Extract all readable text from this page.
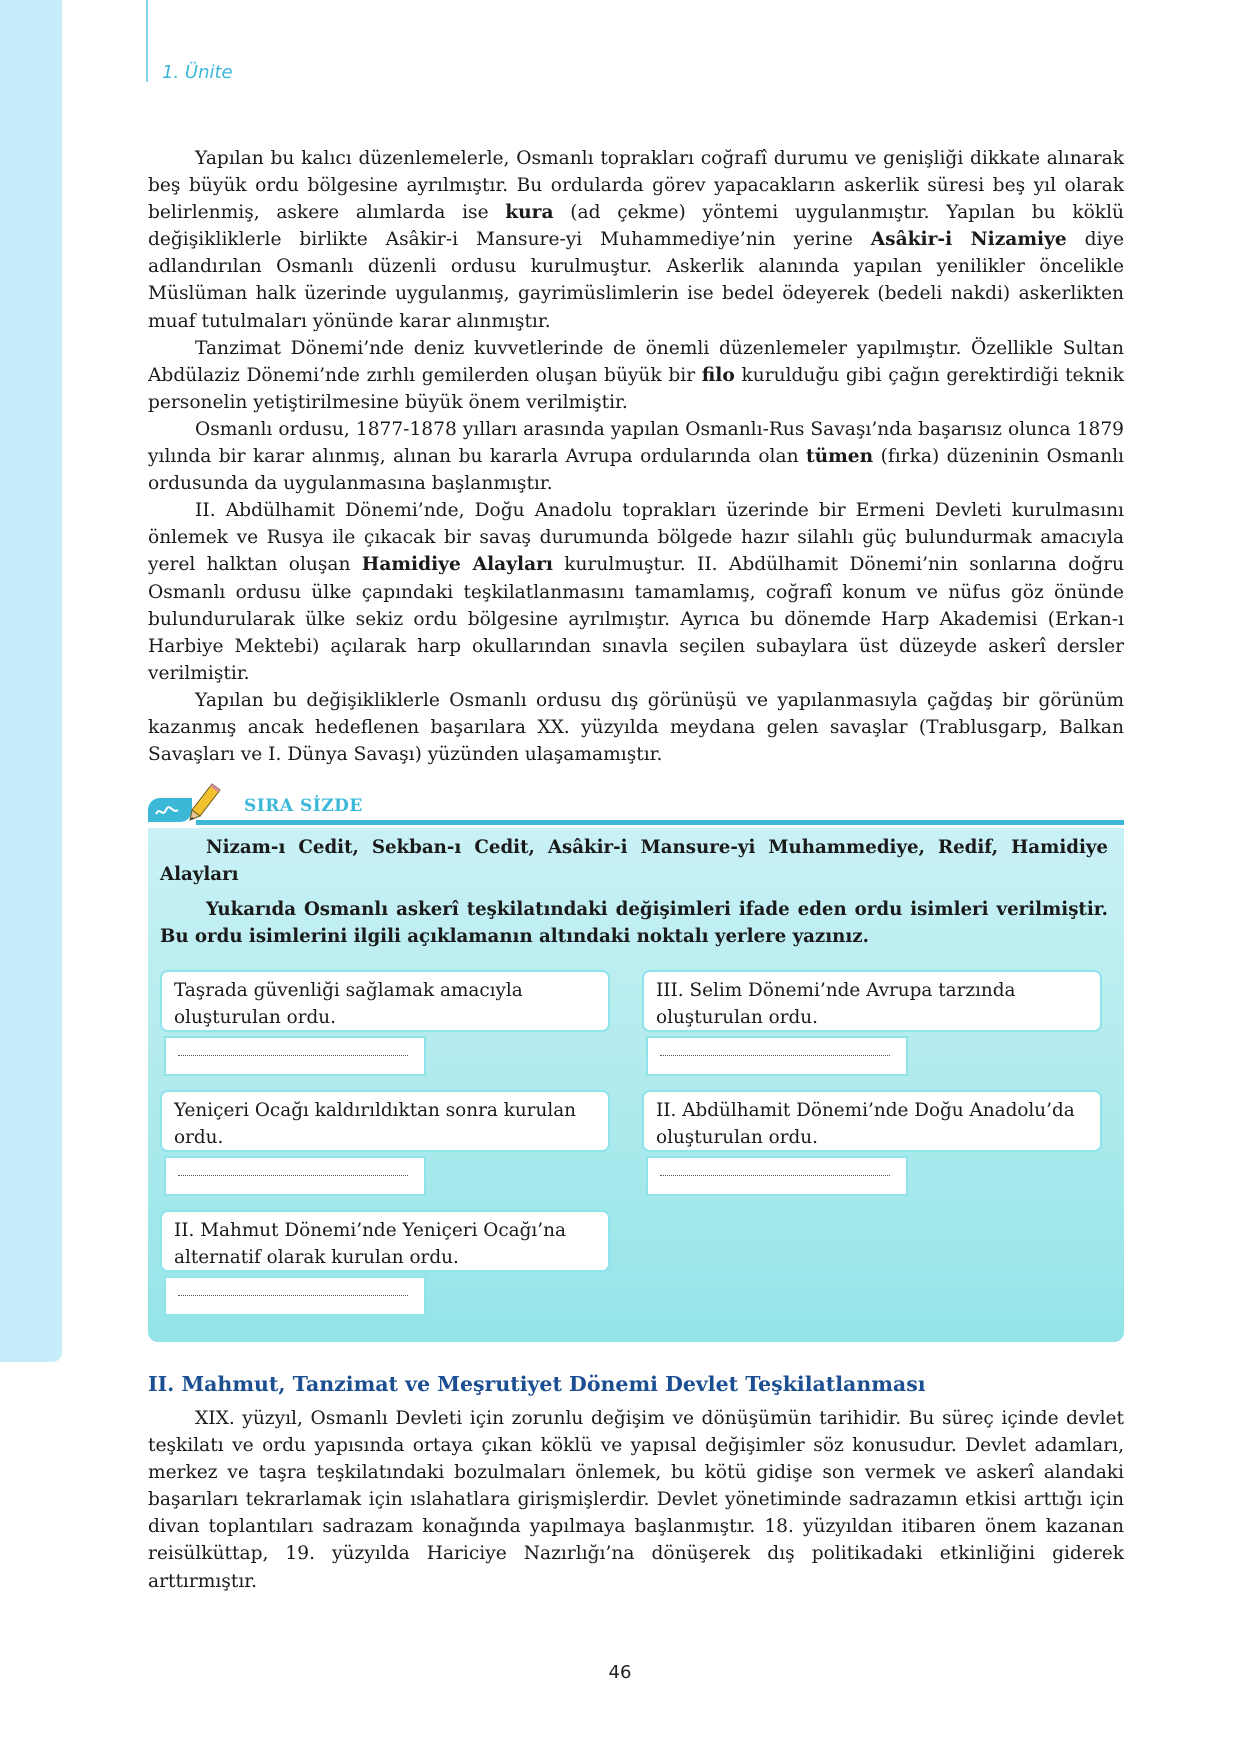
1. Ünite

Yapılan bu kalıcı düzenlemelerle, Osmanlı toprakları coğrafî durumu ve genişliği dikkate alınarak beş büyük ordu bölgesine ayrılmıştır. Bu ordularda görev yapacakların askerlik süresi beş yıl olarak belirlenmiş, askere alımlarda ise kura (ad çekme) yöntemi uygulanmıştır. Yapılan bu köklü değişikliklerle birlikte Asâkir-i Mansure-yi Muhammediye’nin yerine Asâkir-i Nizamiye diye adlandırılan Osmanlı düzenli ordusu kurulmuştur. Askerlik alanında yapılan yenilikler öncelikle Müslüman halk üzerinde uygulanmış, gayrimüslimlerin ise bedel ödeyerek (bedeli nakdi) askerlikten muaf tutulmaları yönünde karar alınmıştır.

Tanzimat Dönemi’nde deniz kuvvetlerinde de önemli düzenlemeler yapılmıştır. Özellikle Sultan Abdülaziz Dönemi’nde zırhlı gemilerden oluşan büyük bir filo kurulduğu gibi çağın gerektirdiği teknik personelin yetiştirilmesine büyük önem verilmiştir.

Osmanlı ordusu, 1877-1878 yılları arasında yapılan Osmanlı-Rus Savaşı’nda başarısız olunca 1879 yılında bir karar alınmış, alınan bu kararla Avrupa ordularında olan tümen (fırka) düzeninin Osmanlı ordusunda da uygulanmasına başlanmıştır.

II. Abdülhamit Dönemi’nde, Doğu Anadolu toprakları üzerinde bir Ermeni Devleti kurulmasını önlemek ve Rusya ile çıkacak bir savaş durumunda bölgede hazır silahlı güç bulundurmak amacıyla yerel halktan oluşan Hamidiye Alayları kurulmuştur. II. Abdülhamit Dönemi’nin sonlarına doğru Osmanlı ordusu ülke çapındaki teşkilatlanmasını tamamlamış, coğrafî konum ve nüfus göz önünde bulundurularak ülke sekiz ordu bölgesine ayrılmıştır. Ayrıca bu dönemde Harp Akademisi (Erkan-ı Harbiye Mektebi) açılarak harp okullarından sınavla seçilen subaylara üst düzeyde askerî dersler verilmiştir.

Yapılan bu değişikliklerle Osmanlı ordusu dış görünüşü ve yapılanmasıyla çağdaş bir görünüm kazanmış ancak hedeflenen başarılara XX. yüzyılda meydana gelen savaşlar (Trablusgarp, Balkan Savaşları ve I. Dünya Savaşı) yüzünden ulaşamamıştır.

SIRA SİZDE
Nizam-ı Cedit, Sekban-ı Cedit, Asâkir-i Mansure-yi Muhammediye, Redif, Hamidiye Alayları
Yukarıda Osmanlı askerî teşkilatındaki değişimleri ifade eden ordu isimleri verilmiştir. Bu ordu isimlerini ilgili açıklamanın altındaki noktalı yerlere yazınız.
Taşrada güvenliği sağlamak amacıyla oluşturulan ordu.
III. Selim Dönemi’nde Avrupa tarzında oluşturulan ordu.
Yeniçeri Ocağı kaldırıldıktan sonra kurulan ordu.
II. Abdülhamit Dönemi’nde Doğu Anadolu’da oluşturulan ordu.
II. Mahmut Dönemi’nde Yeniçeri Ocağı’na alternatif olarak kurulan ordu.
II. Mahmut, Tanzimat ve Meşrutiyet Dönemi Devlet Teşkilatlanması

XIX. yüzyıl, Osmanlı Devleti için zorunlu değişim ve dönüşümün tarihidir. Bu süreç içinde devlet teşkilatı ve ordu yapısında ortaya çıkan köklü ve yapısal değişimler söz konusudur. Devlet adamları, merkez ve taşra teşkilatındaki bozulmaları önlemek, bu kötü gidişe son vermek ve askerî alandaki başarıları tekrarlamak için ıslahatlara girişmişlerdir. Devlet yönetiminde sadrazamın etkisi arttığı için divan toplantıları sadrazam konağında yapılmaya başlanmıştır. 18. yüzyıldan itibaren önem kazanan reisülküttap, 19. yüzyılda Hariciye Nazırlığı’na dönüşerek dış politikadaki etkinliğini giderek arttırmıştır.

46
